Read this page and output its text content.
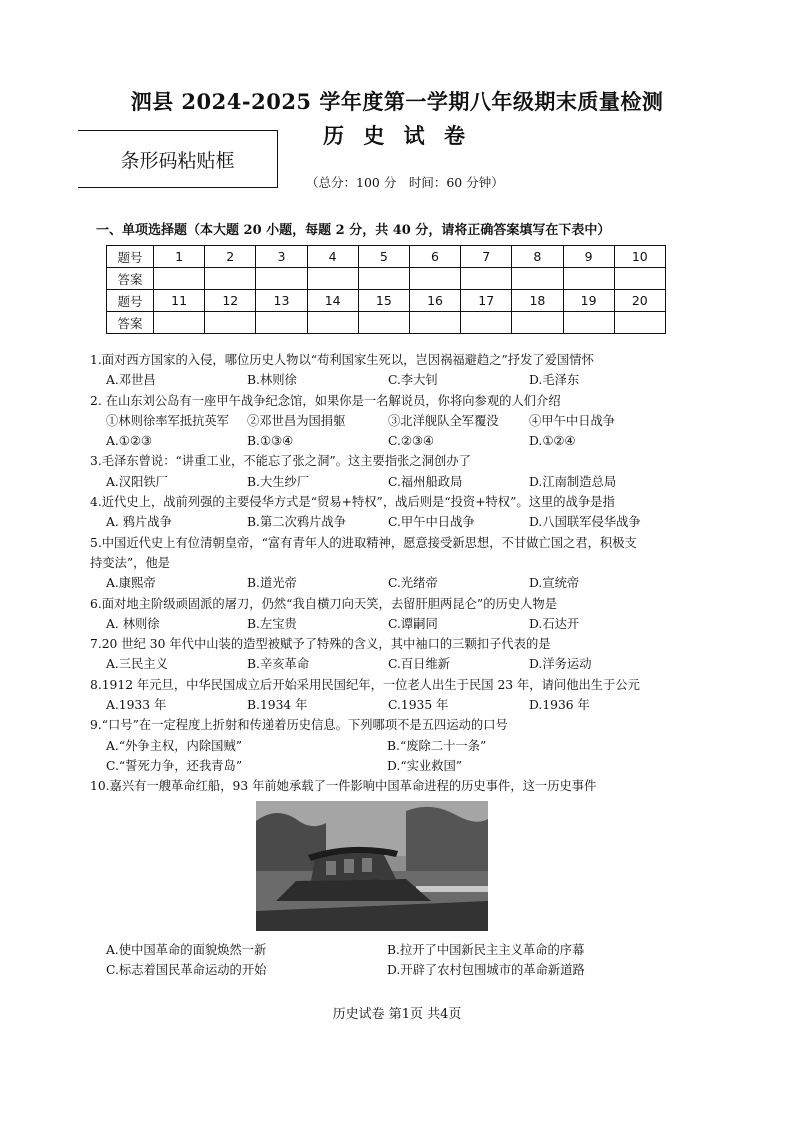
泗县 2024-2025 学年度第一学期八年级期末质量检测
历 史 试 卷
条形码粘贴框
（总分：100 分　时间：60 分钟）
一、单项选择题（本大题 20 小题，每题 2 分，共 40 分，请将正确答案填写在下表中）
题号	1	2	3	4	5	6	7	8	9	10
答案										
题号	11	12	13	14	15	16	17	18	19	20
答案										
1.面对西方国家的入侵，哪位历史人物以“苟利国家生死以，岂因祸福避趋之”抒发了爱国情怀
A.邓世昌	B.林则徐	C.李大钊	D.毛泽东
2. 在山东刘公岛有一座甲午战争纪念馆，如果你是一名解说员，你将向参观的人们介绍
①林则徐率军抵抗英军	②邓世昌为国捐躯	③北洋舰队全军覆没	④甲午中日战争
A.①②③	B.①③④	C.②③④	D.①②④
3.毛泽东曾说：“讲重工业，不能忘了张之洞”。这主要指张之洞创办了
A.汉阳铁厂	B.大生纱厂	C.福州船政局	D.江南制造总局
4.近代史上，战前列强的主要侵华方式是“贸易+特权”，战后则是“投资+特权”。这里的战争是指
A. 鸦片战争	B.第二次鸦片战争	C.甲午中日战争	D.八国联军侵华战争
5.中国近代史上有位清朝皇帝，“富有青年人的进取精神，愿意接受新思想，不甘做亡国之君，积极支
持变法”，他是
A.康熙帝	B.道光帝	C.光绪帝	D.宣统帝
6.面对地主阶级顽固派的屠刀，仍然“我自横刀向天笑，去留肝胆两昆仑”的历史人物是
A. 林则徐	B.左宝贵	C.谭嗣同	D.石达开
7.20 世纪 30 年代中山装的造型被赋予了特殊的含义，其中袖口的三颗扣子代表的是
A.三民主义	B.辛亥革命	C.百日维新	D.洋务运动
8.1912 年元旦，中华民国成立后开始采用民国纪年，一位老人出生于民国 23 年，请问他出生于公元
A.1933 年	B.1934 年	C.1935 年	D.1936 年
9.“口号”在一定程度上折射和传递着历史信息。下列哪项不是五四运动的口号
A.“外争主权，内除国贼”	B.“废除二十一条”
C.“誓死力争，还我青岛”	D.“实业救国”
10.嘉兴有一艘革命红船，93 年前她承载了一件影响中国革命进程的历史事件，这一历史事件
A.使中国革命的面貌焕然一新	B.拉开了中国新民主主义革命的序幕
C.标志着国民革命运动的开始	D.开辟了农村包围城市的革命新道路
历史试卷 第1页 共4页
